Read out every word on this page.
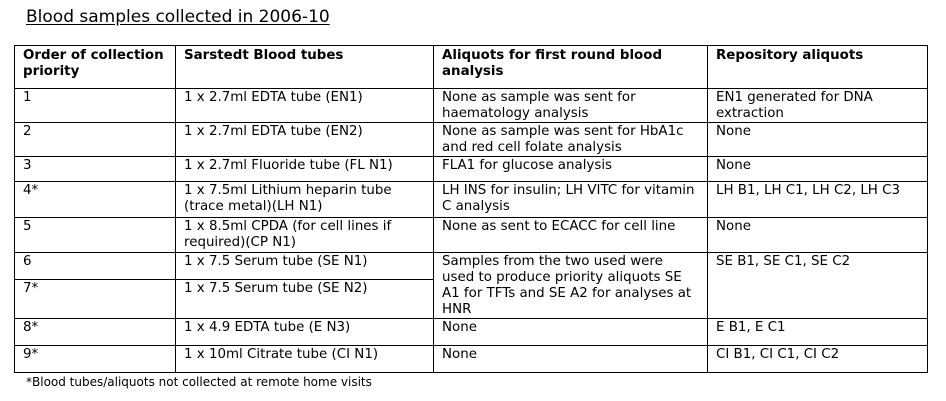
Blood samples collected in 2006-10
Order of collection priority	Sarstedt Blood tubes	Aliquots for first round blood analysis	Repository aliquots
1	1 x 2.7ml EDTA tube (EN1)	None as sample was sent for haematology analysis	EN1 generated for DNA extraction
2	1 x 2.7ml EDTA tube (EN2)	None as sample was sent for HbA1c and red cell folate analysis	None
3	1 x 2.7ml Fluoride tube (FL N1)	FLA1 for glucose analysis	None
4*	1 x 7.5ml Lithium heparin tube (trace metal)(LH N1)	LH INS for insulin; LH VITC for vitamin C analysis	LH B1, LH C1, LH C2, LH C3
5	1 x 8.5ml CPDA (for cell lines if required)(CP N1)	None as sent to ECACC for cell line	None
6	1 x 7.5 Serum tube (SE N1)	Samples from the two used were used to produce priority aliquots SE A1 for TFTs and SE A2 for analyses at HNR	SE B1, SE C1, SE C2
7*	1 x 7.5 Serum tube (SE N2)		
8*	1 x 4.9 EDTA tube (E N3)	None	E B1, E C1
9*	1 x 10ml Citrate tube (CI N1)	None	CI B1, CI C1, CI C2
*Blood tubes/aliquots not collected at remote home visits
